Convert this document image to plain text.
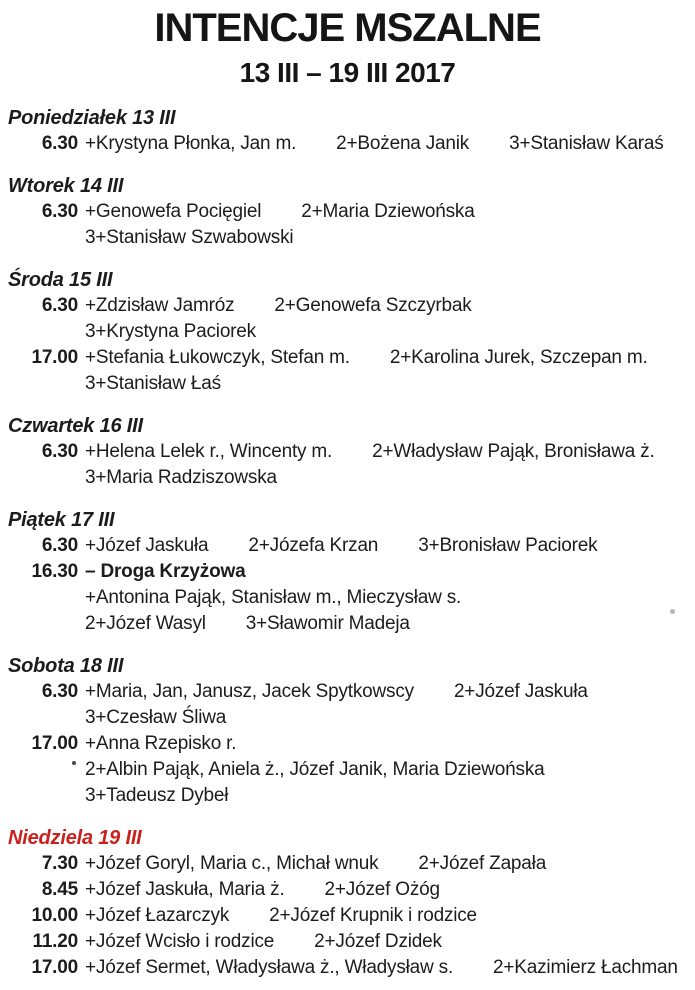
INTENCJE MSZALNE
13 III – 19 III 2017
Poniedziałek 13 III
6.30 +Krystyna Płonka, Jan m. 2+Bożena Janik 3+Stanisław Karaś
Wtorek 14 III
6.30 +Genowefa Pocięgiel 2+Maria Dziewońska
3+Stanisław Szwabowski
Środa 15 III
6.30 +Zdzisław Jamróz 2+Genowefa Szczyrbak
3+Krystyna Paciorek
17.00 +Stefania Łukowczyk, Stefan m. 2+Karolina Jurek, Szczepan m.
3+Stanisław Łaś
Czwartek 16 III
6.30 +Helena Lelek r., Wincenty m. 2+Władysław Pająk, Bronisława ż.
3+Maria Radziszowska
Piątek 17 III
6.30 +Józef Jaskuła 2+Józefa Krzan 3+Bronisław Paciorek
16.30 – Droga Krzyżowa
+Antonina Pająk, Stanisław m., Mieczysław s.
2+Józef Wasyl 3+Sławomir Madeja
Sobota 18 III
6.30 +Maria, Jan, Janusz, Jacek Spytkowscy 2+Józef Jaskuła
3+Czesław Śliwa
17.00 +Anna Rzepisko r.
2+Albin Pająk, Aniela ż., Józef Janik, Maria Dziewońska
3+Tadeusz Dybeł
Niedziela 19 III
7.30 +Józef Goryl, Maria c., Michał wnuk 2+Józef Zapała
8.45 +Józef Jaskuła, Maria ż. 2+Józef Ożóg
10.00 +Józef Łazarczyk 2+Józef Krupnik i rodzice
11.20 +Józef Wcisło i rodzice 2+Józef Dzidek
17.00 +Józef Sermet, Władysława ż., Władysław s. 2+Kazimierz Łachman
